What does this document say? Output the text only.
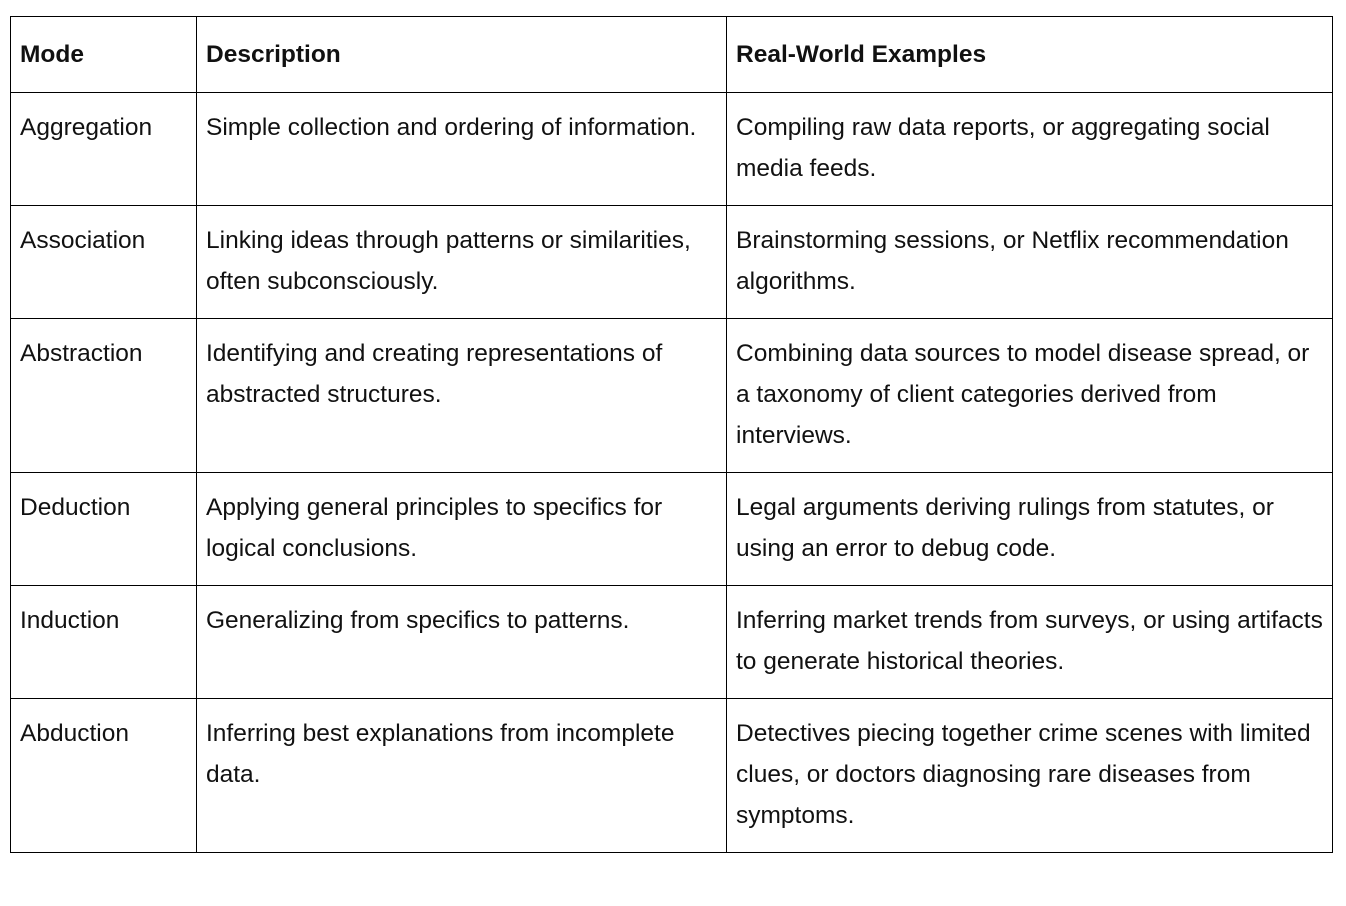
Mode	Description	Real-World Examples
Aggregation	Simple collection and ordering of information.	Compiling raw data reports, or aggregating social media feeds.
Association	Linking ideas through patterns or similarities, often subconsciously.	Brainstorming sessions, or Netflix recommendation algorithms.
Abstraction	Identifying and creating representations of abstracted structures.	Combining data sources to model disease spread, or a taxonomy of client categories derived from interviews.
Deduction	Applying general principles to specifics for logical conclusions.	Legal arguments deriving rulings from statutes, or using an error to debug code.
Induction	Generalizing from specifics to patterns.	Inferring market trends from surveys, or using artifacts to generate historical theories.
Abduction	Inferring best explanations from incomplete data.	Detectives piecing together crime scenes with limited clues, or doctors diagnosing rare diseases from symptoms.
